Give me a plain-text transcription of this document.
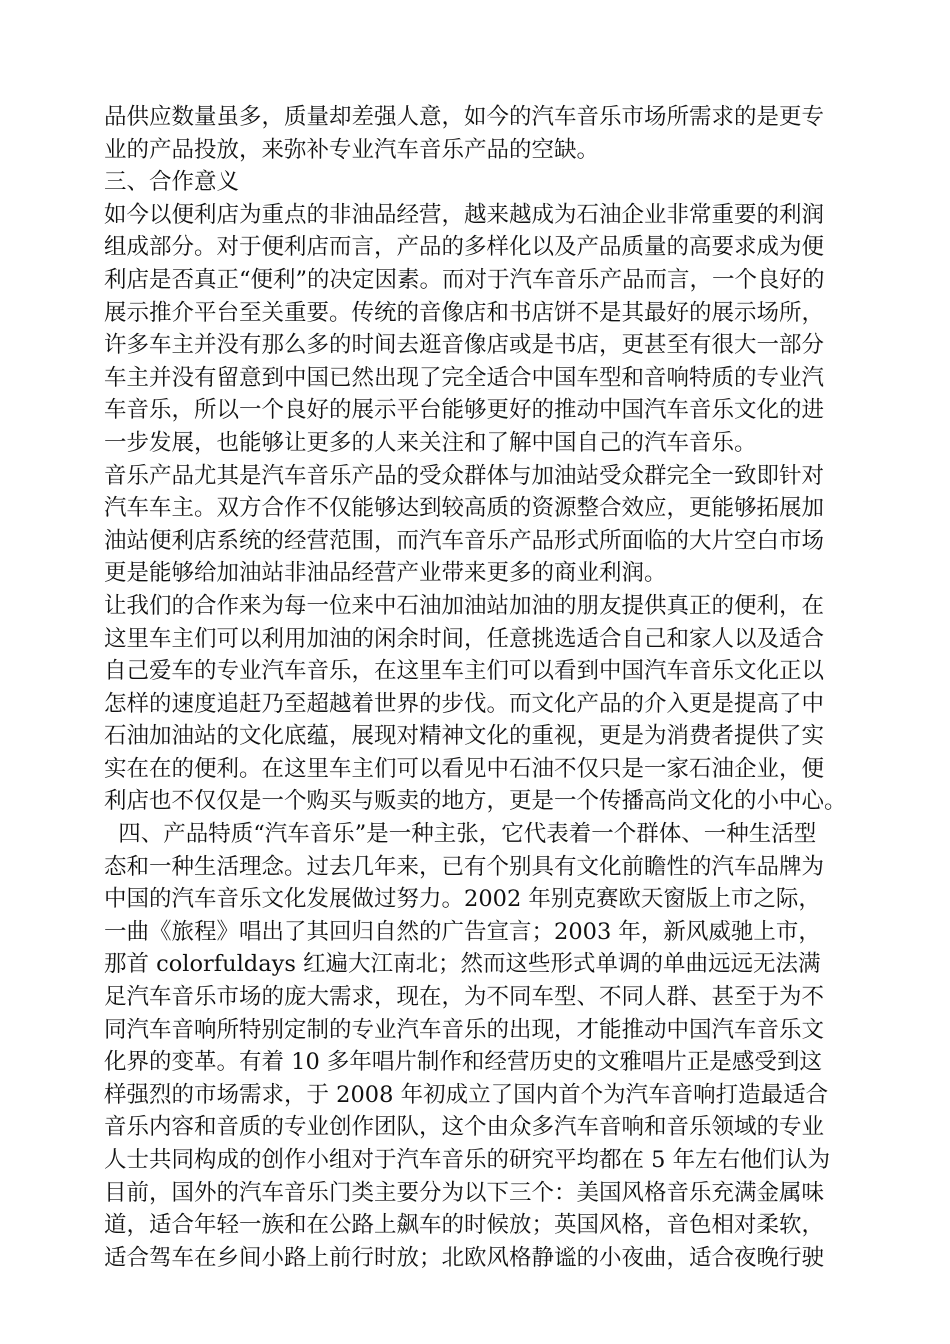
品供应数量虽多，质量却差强人意，如今的汽车音乐市场所需求的是更专
业的产品投放，来弥补专业汽车音乐产品的空缺。
三、合作意义
如今以便利店为重点的非油品经营，越来越成为石油企业非常重要的利润
组成部分。对于便利店而言，产品的多样化以及产品质量的高要求成为便
利店是否真正“便利”的决定因素。而对于汽车音乐产品而言，一个良好的
展示推介平台至关重要。传统的音像店和书店饼不是其最好的展示场所，
许多车主并没有那么多的时间去逛音像店或是书店，更甚至有很大一部分
车主并没有留意到中国已然出现了完全适合中国车型和音响特质的专业汽
车音乐，所以一个良好的展示平台能够更好的推动中国汽车音乐文化的进
一步发展，也能够让更多的人来关注和了解中国自己的汽车音乐。
音乐产品尤其是汽车音乐产品的受众群体与加油站受众群完全一致即针对
汽车车主。双方合作不仅能够达到较高质的资源整合效应，更能够拓展加
油站便利店系统的经营范围，而汽车音乐产品形式所面临的大片空白市场
更是能够给加油站非油品经营产业带来更多的商业利润。
让我们的合作来为每一位来中石油加油站加油的朋友提供真正的便利，在
这里车主们可以利用加油的闲余时间，任意挑选适合自己和家人以及适合
自己爱车的专业汽车音乐，在这里车主们可以看到中国汽车音乐文化正以
怎样的速度追赶乃至超越着世界的步伐。而文化产品的介入更是提高了中
石油加油站的文化底蕴，展现对精神文化的重视，更是为消费者提供了实
实在在的便利。在这里车主们可以看见中石油不仅只是一家石油企业，便
利店也不仅仅是一个购买与贩卖的地方，更是一个传播高尚文化的小中心。
四、产品特质“汽车音乐”是一种主张，它代表着一个群体、一种生活型
态和一种生活理念。过去几年来，已有个别具有文化前瞻性的汽车品牌为
中国的汽车音乐文化发展做过努力。2002 年别克赛欧天窗版上市之际，
一曲《旅程》唱出了其回归自然的广告宣言；2003 年，新风威驰上市，
那首 colorfuldays 红遍大江南北；然而这些形式单调的单曲远远无法满
足汽车音乐市场的庞大需求，现在，为不同车型、不同人群、甚至于为不
同汽车音响所特别定制的专业汽车音乐的出现，才能推动中国汽车音乐文
化界的变革。有着 10 多年唱片制作和经营历史的文雅唱片正是感受到这
样强烈的市场需求，于 2008 年初成立了国内首个为汽车音响打造最适合
音乐内容和音质的专业创作团队，这个由众多汽车音响和音乐领域的专业
人士共同构成的创作小组对于汽车音乐的研究平均都在 5 年左右他们认为
目前，国外的汽车音乐门类主要分为以下三个：美国风格音乐充满金属味
道，适合年轻一族和在公路上飙车的时候放；英国风格，音色相对柔软，
适合驾车在乡间小路上前行时放；北欧风格静谧的小夜曲，适合夜晚行驶
